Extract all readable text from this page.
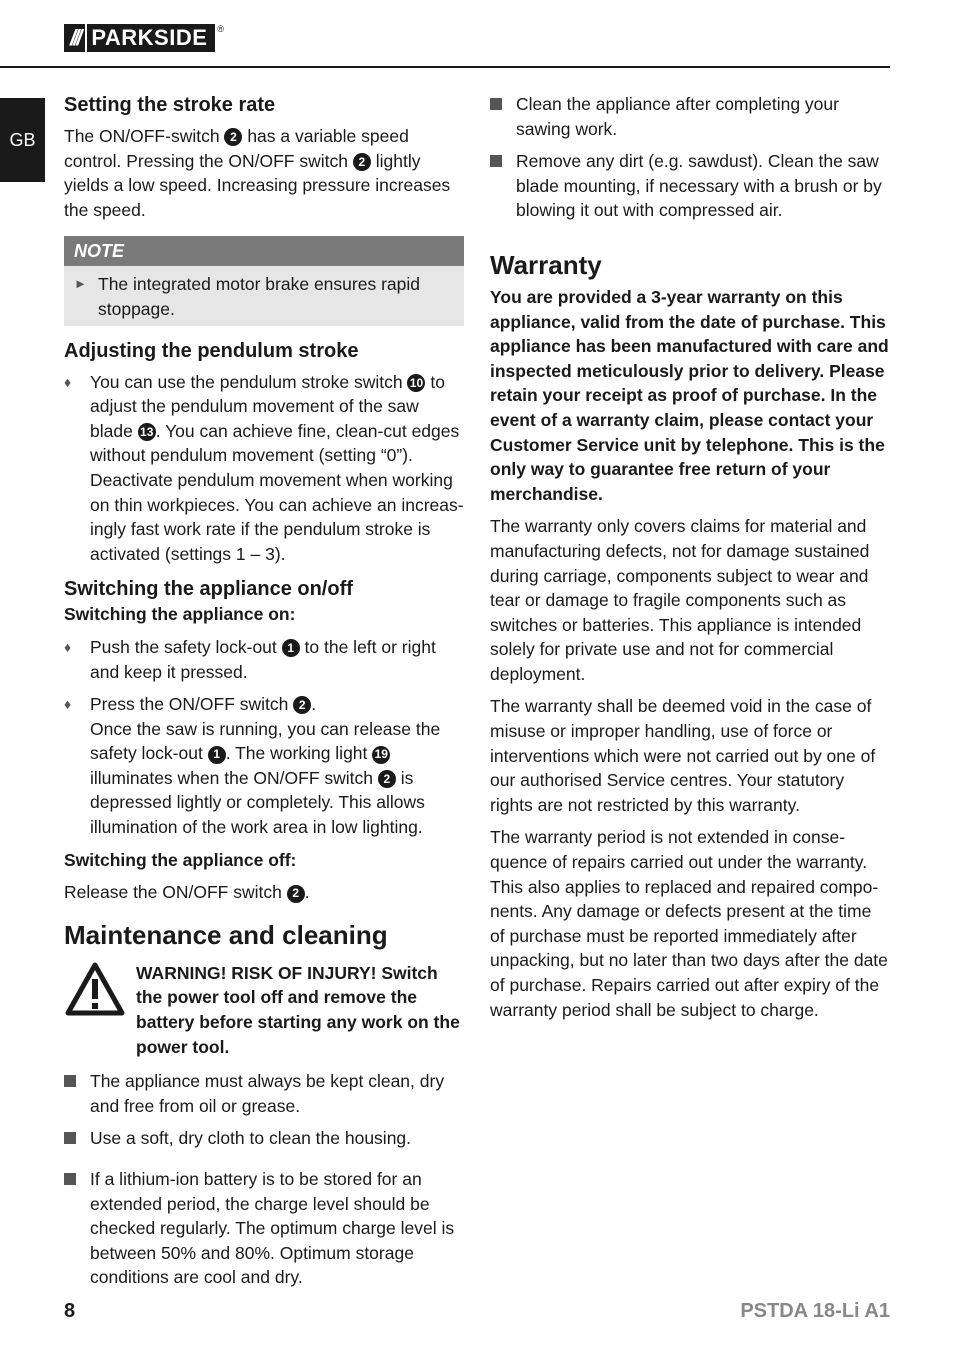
/// PARKSIDE	®
GB
Setting the stroke rate

The ON/OFF-switch 2 has a variable speed control. Pressing the ON/OFF switch 2 lightly yields a low speed. Increasing pressure increases the speed.

NOTE
► The integrated motor brake ensures rapid stoppage.
Adjusting the pendulum stroke
♦	You can use the pendulum stroke switch 10 to adjust the pendulum movement of the saw blade 13 . You can achieve fine, clean-cut edges without pendulum movement (setting “0”). Deactivate pendulum movement when working on thin workpieces. You can achieve an increasingly fast work rate if the pendulum stroke is activated (settings 1 – 3).
Switching the appliance on/off

Switching the appliance on:

♦	Push the safety lock-out 1 to the left or right and keep it pressed.
♦	Press the ON/OFF switch 2 .
Once the saw is running, you can release the safety lock-out 1 . The working light 19 illuminates when the ON/OFF switch 2 is depressed lightly or completely. This allows illumination of the work area in low lighting.

Switching the appliance off:

Release the ON/OFF switch 2 .

Maintenance and cleaning
WARNING! RISK OF INJURY! Switch the power tool off and remove the battery before starting any work on the power tool.
The appliance must always be kept clean, dry and free from oil or grease.
Use a soft, dry cloth to clean the housing.
If a lithium-ion battery is to be stored for an extended period, the charge level should be checked regularly. The optimum charge level is between 50% and 80%. Optimum storage conditions are cool and dry.
Clean the appliance after completing your sawing work.
Remove any dirt (e.g. sawdust). Clean the saw blade mounting, if necessary with a brush or by blowing it out with compressed air.
Warranty

You are provided a 3-year warranty on this appliance, valid from the date of purchase. This appliance has been manufactured with care and inspected meticulously prior to delivery. Please retain your receipt as proof of purchase. In the event of a warranty claim, please contact your Customer Service unit by telephone. This is the only way to guarantee free return of your merchandise.

The warranty only covers claims for material and manufacturing defects, not for damage sustained during carriage, components subject to wear and tear or damage to fragile components such as switches or batteries. This appliance is intended solely for private use and not for commercial deployment.

The warranty shall be deemed void in the case of misuse or improper handling, use of force or interventions which were not carried out by one of our authorised Service centres. Your statutory rights are not restricted by this warranty.

The warranty period is not extended in consequence of repairs carried out under the warranty. This also applies to replaced and repaired components. Any damage or defects present at the time of purchase must be reported immediately after unpacking, but no later than two days after the date of purchase. Repairs carried out after expiry of the warranty period shall be subject to charge.

8	PSTDA 18-Li A1
